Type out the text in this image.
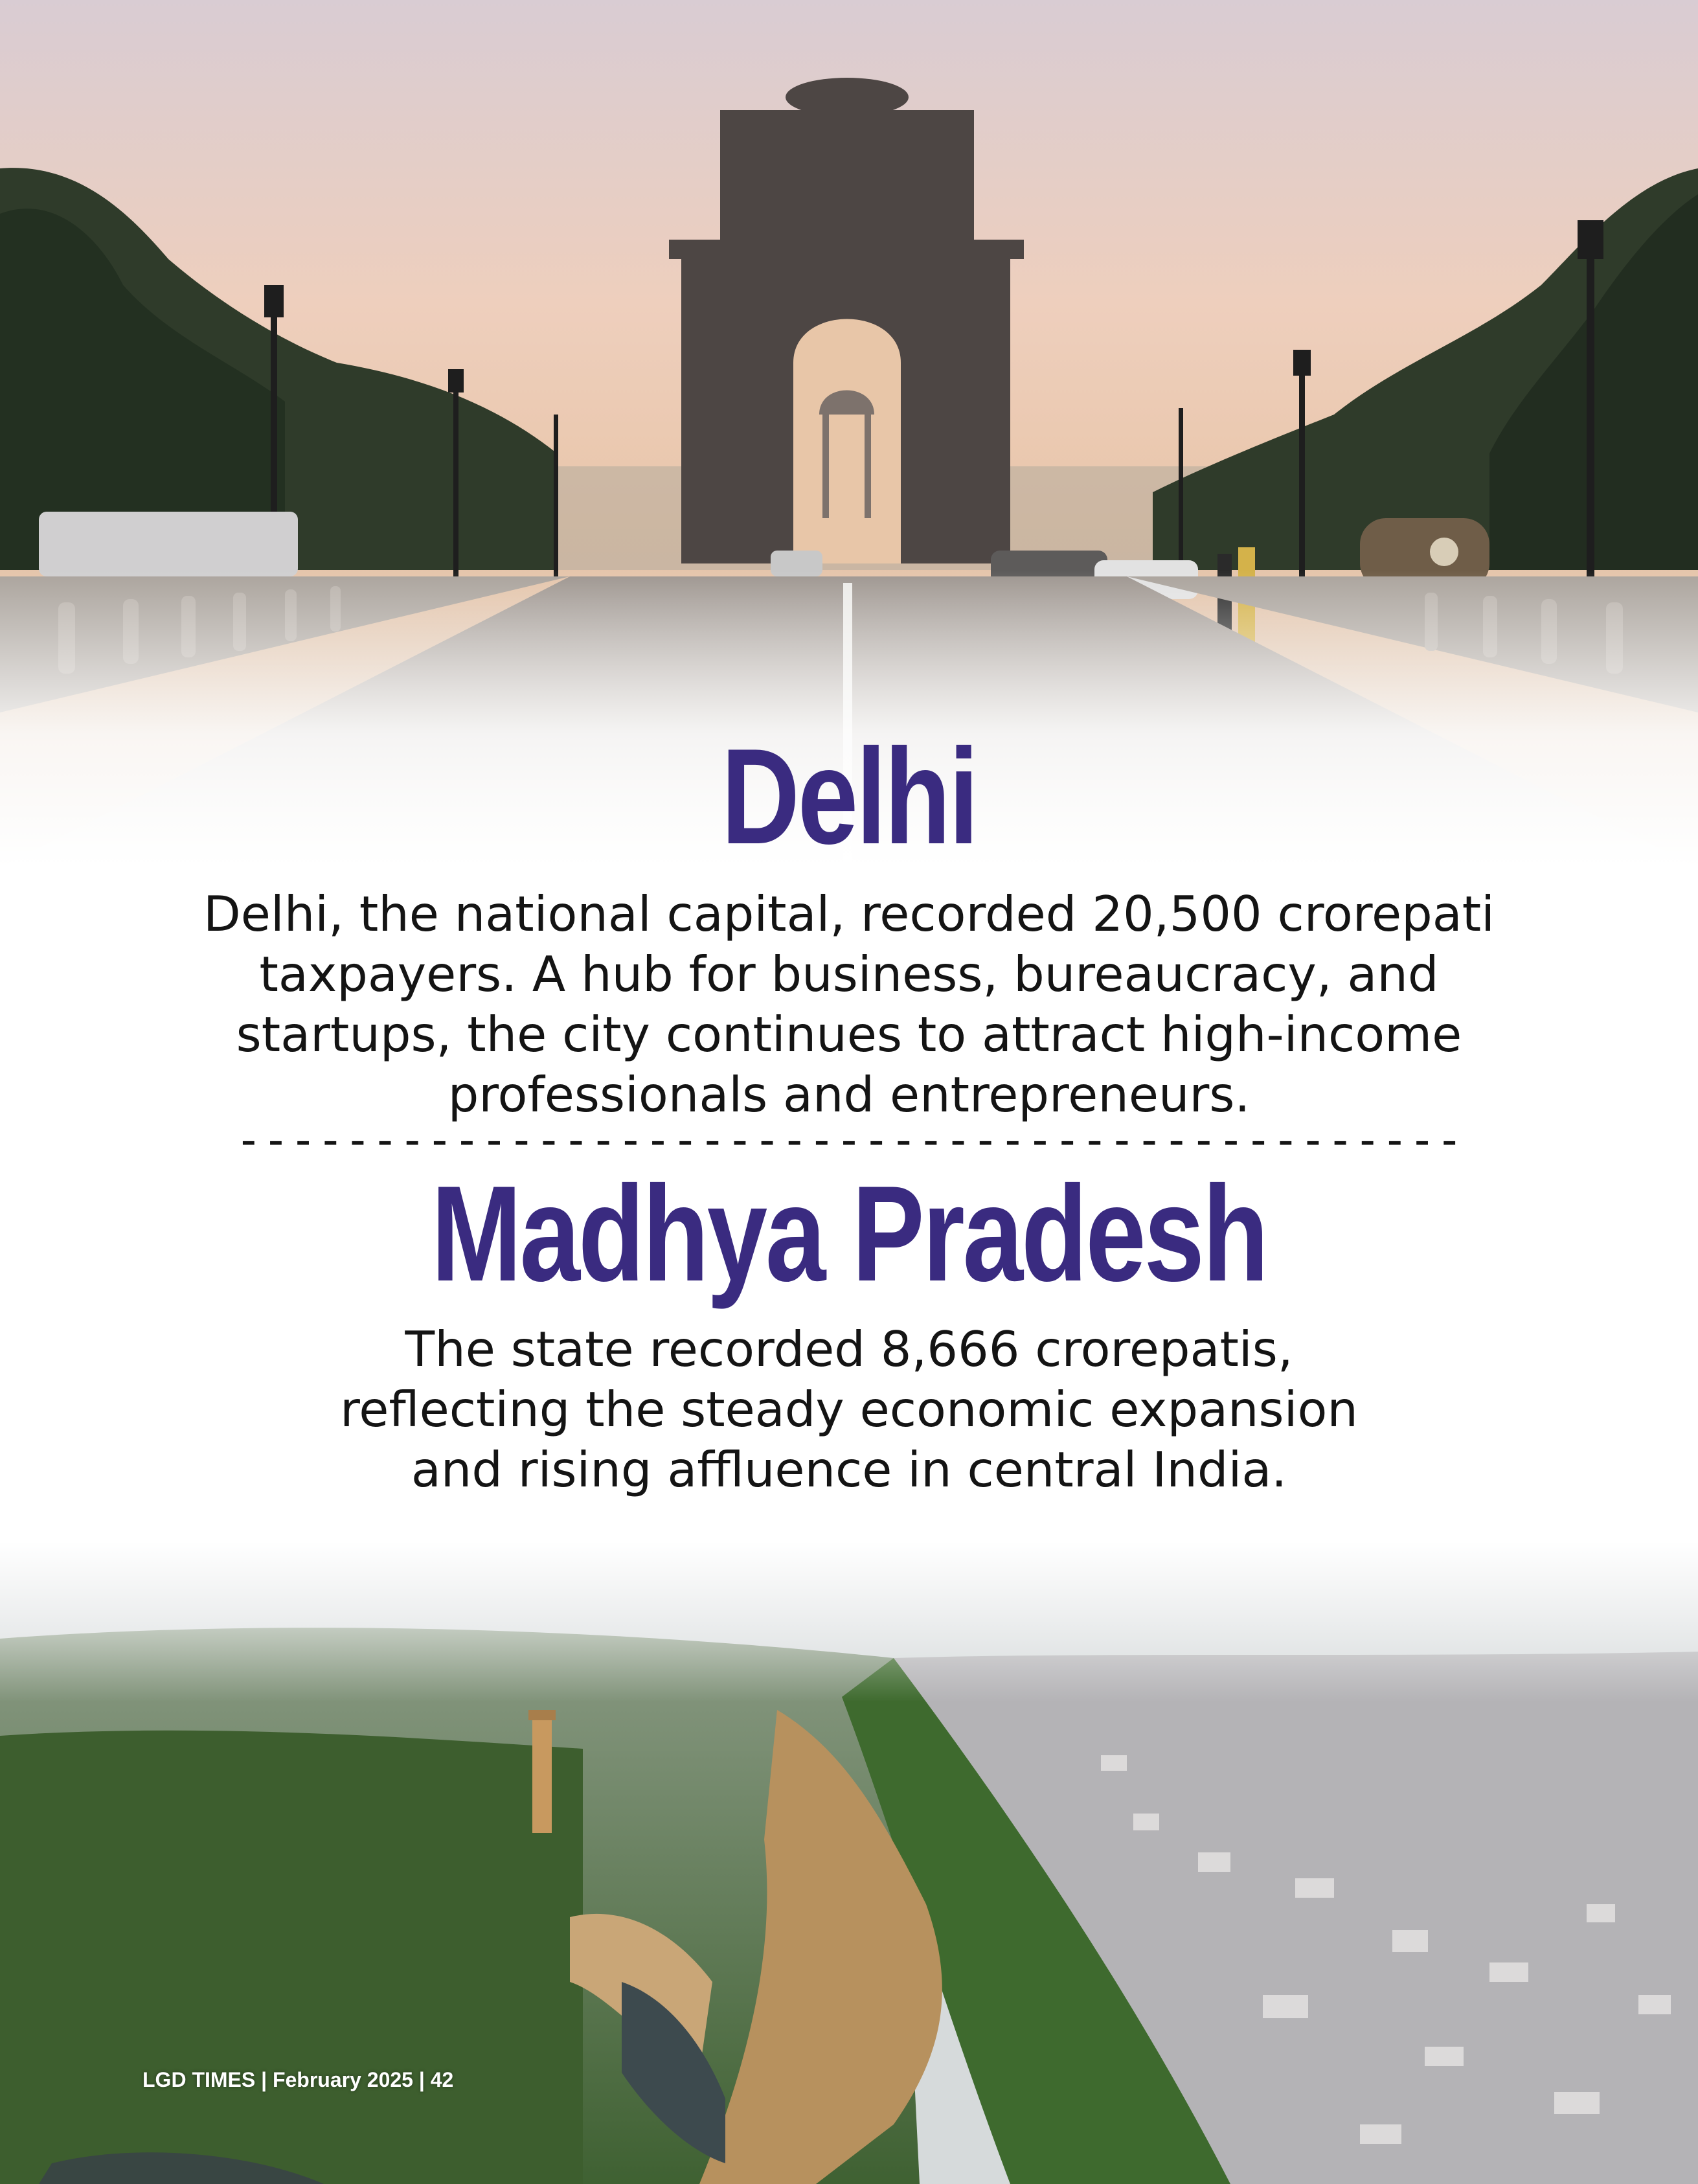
Delhi

Delhi, the national capital, recorded 20,500 crorepati
taxpayers. A hub for business, bureaucracy, and
startups, the city continues to attract high-income
professionals and entrepreneurs.

---------------------------------------------
Madhya Pradesh

The state recorded 8,666 crorepatis,
reflecting the steady economic expansion
and rising affluence in central India.

LGD TIMES | February 2025 | 42
